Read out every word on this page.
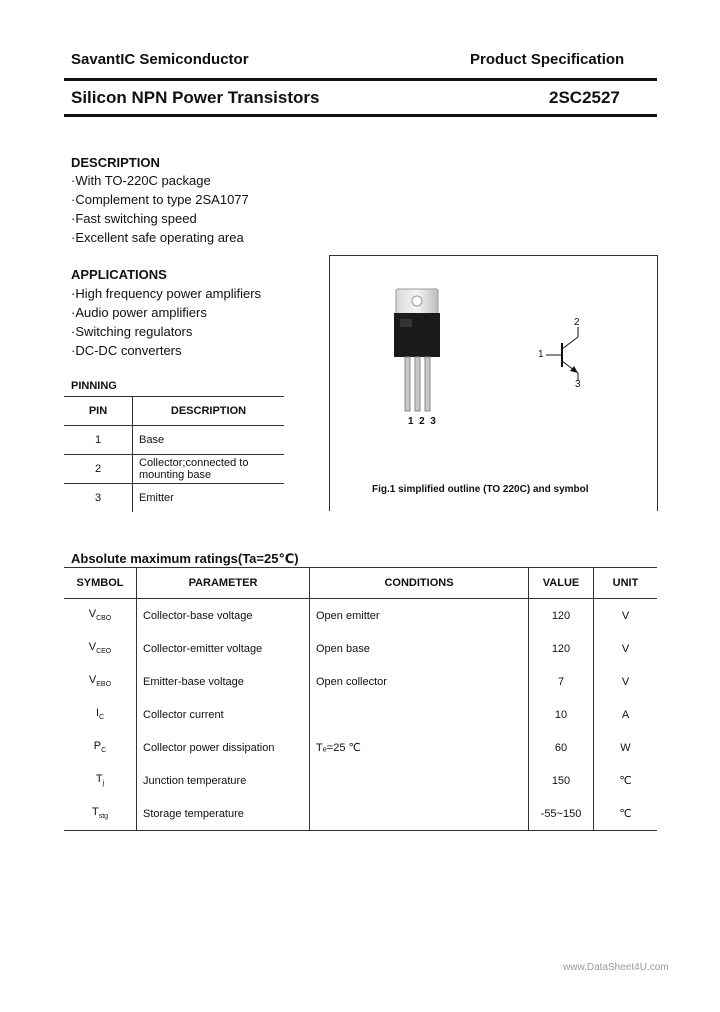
SavantIC Semiconductor	Product Specification
Silicon NPN Power Transistors	2SC2527
DESCRIPTION
·With TO-220C package
·Complement to type 2SA1077
·Fast switching speed
·Excellent safe operating area
APPLICATIONS
·High frequency power amplifiers
·Audio power amplifiers
·Switching regulators
·DC-DC converters
PINNING
PIN	DESCRIPTION
1	Base
2	Collector;connected to mounting base
3	Emitter
1  2  3
2
1
3
Fig.1 simplified outline (TO 220C) and symbol
Absolute maximum ratings(Ta=25℃)
SYMBOL	PARAMETER	CONDITIONS	VALUE	UNIT
$V_{CBO}$	Collector-base voltage	Open emitter	120	V
$V_{CEO}$	Collector-emitter voltage	Open base	120	V
$V_{EBO}$	Emitter-base voltage	Open collector	7	V
$I_C$	Collector current		10	A
$P_C$	Collector power dissipation	Tₑ=25 ℃	60	W
$T_j$	Junction temperature		150	℃
$T_{stg}$	Storage temperature		-55~150	℃
www.DataSheet4U.com
